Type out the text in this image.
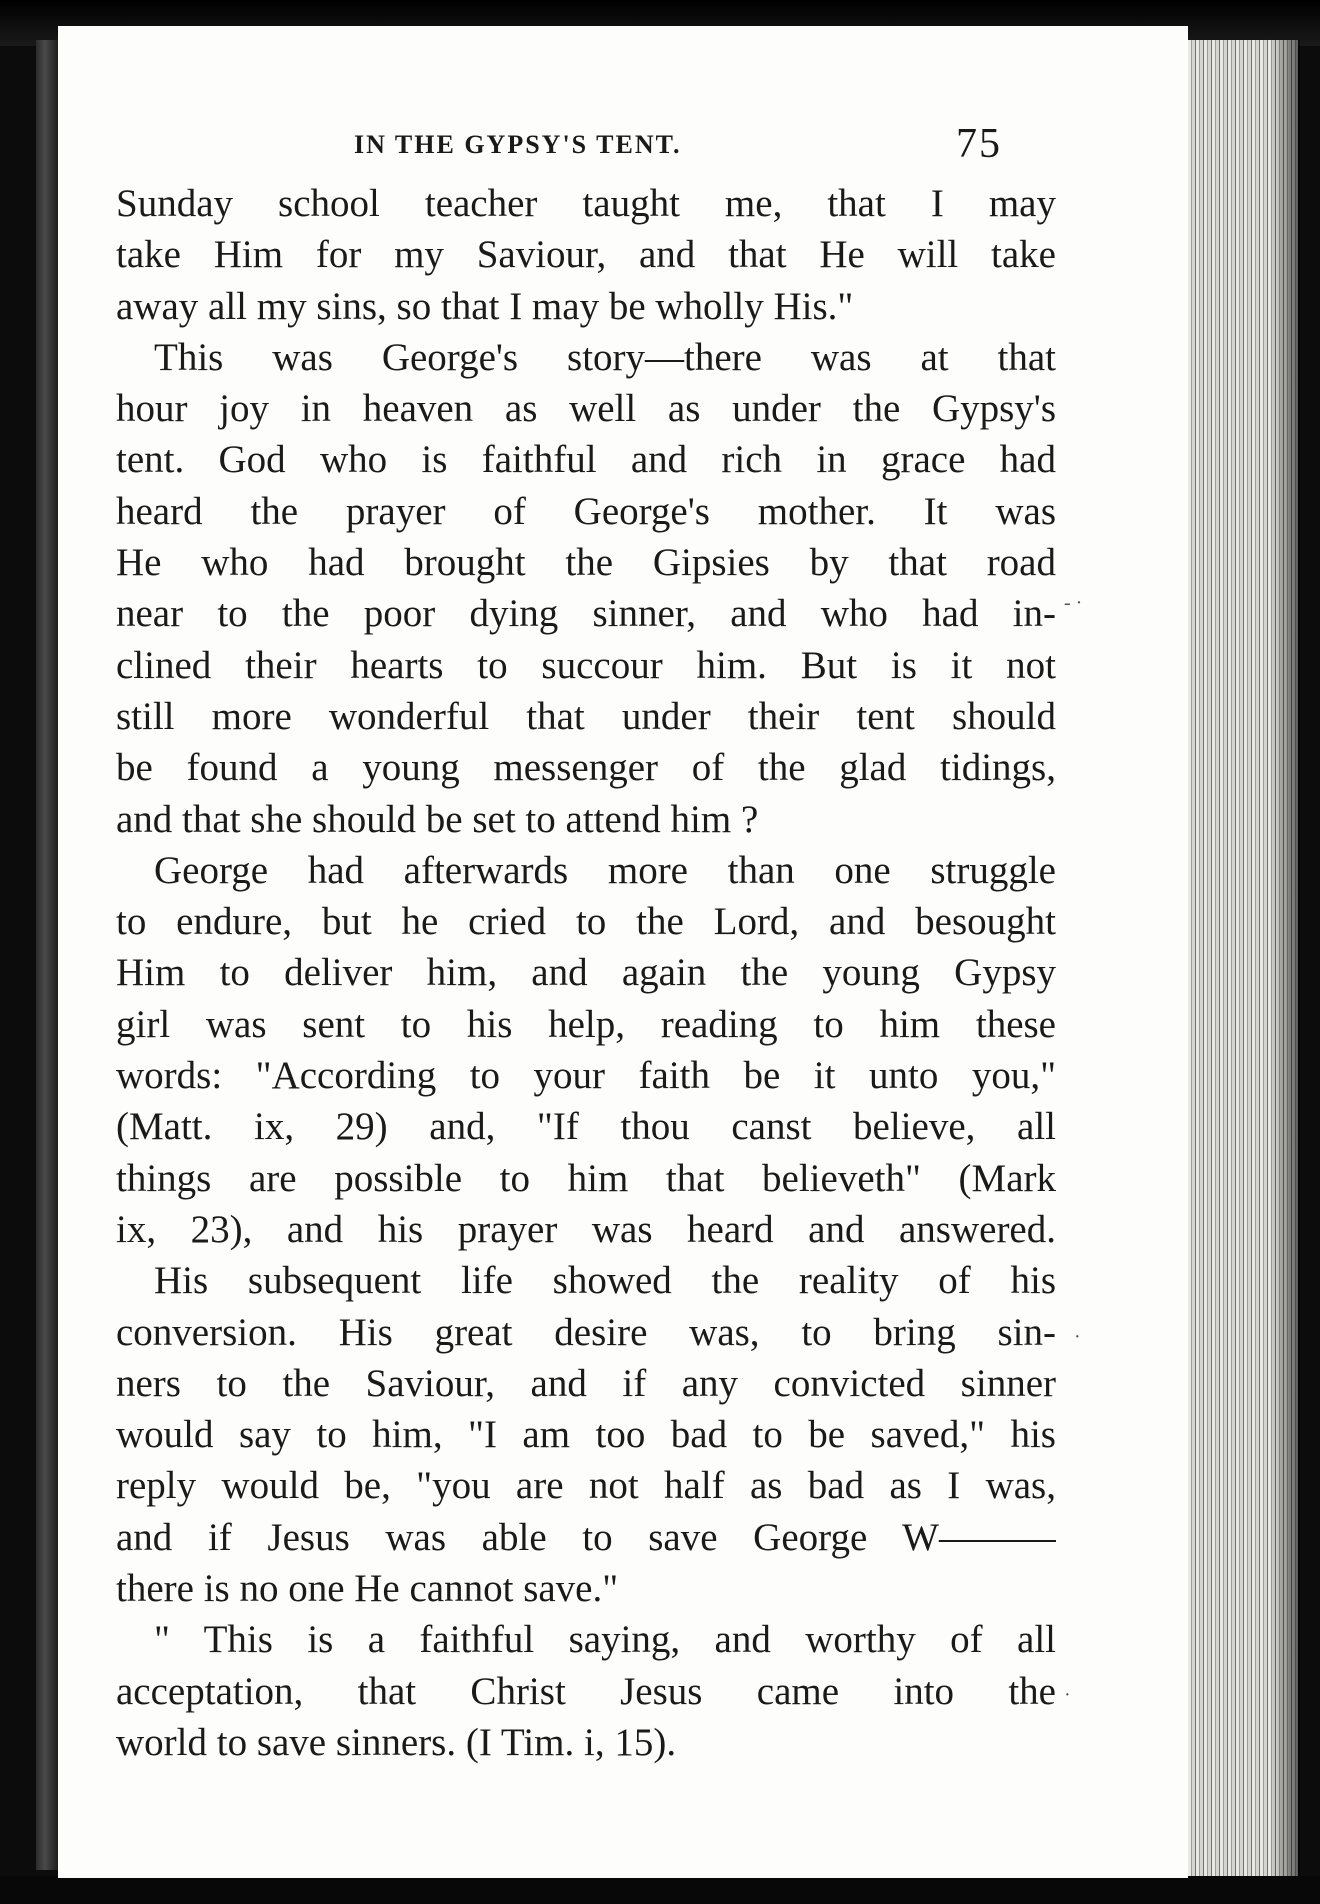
IN THE GYPSY'S TENT.	75
Sunday school teacher taught me, that I may
take Him for my Saviour, and that He will take
away all my sins, so that I may be wholly His."
This was George's story—there was at that
hour joy in heaven as well as under the Gypsy's
tent. God who is faithful and rich in grace had
heard the prayer of George's mother. It was
He who had brought the Gipsies by that road
near to the poor dying sinner, and who had in-
clined their hearts to succour him. But is it not
still more wonderful that under their tent should
be found a young messenger of the glad tidings,
and that she should be set to attend him ?
George had afterwards more than one struggle
to endure, but he cried to the Lord, and besought
Him to deliver him, and again the young Gypsy
girl was sent to his help, reading to him these
words: "According to your faith be it unto you,"
(Matt. ix, 29) and, "If thou canst believe, all
things are possible to him that believeth" (Mark
ix, 23), and his prayer was heard and answered.
His subsequent life showed the reality of his
conversion. His great desire was, to bring sin-
ners to the Saviour, and if any convicted sinner
would say to him, "I am too bad to be saved," his
reply would be, "you are not half as bad as I was,
and if Jesus was able to save George W———
there is no one He cannot save."
" This is a faithful saying, and worthy of all
acceptation, that Christ Jesus came into the
world to save sinners. (I Tim. i, 15).
- ·
·
·
